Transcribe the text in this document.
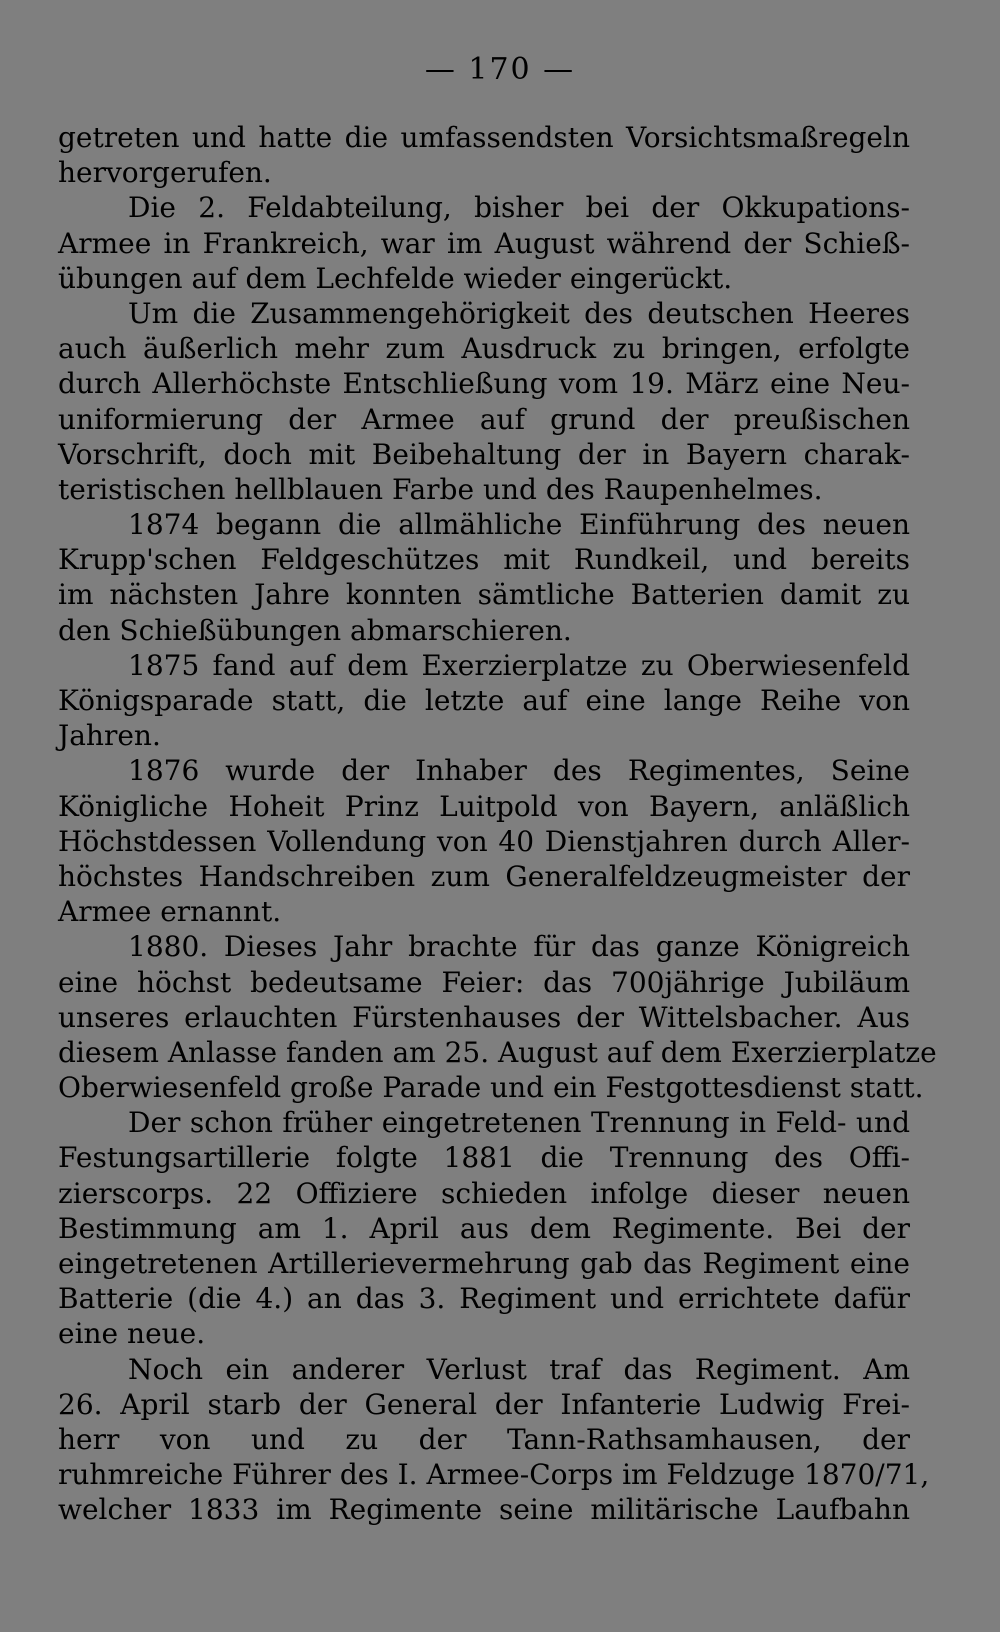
— 170 —
getreten und hatte die umfassendsten Vorsichtsmaßregeln
hervorgerufen.
Die 2. Feldabteilung, bisher bei der Okkupations-
Armee in Frankreich, war im August während der Schieß-
übungen auf dem Lechfelde wieder eingerückt.
Um die Zusammengehörigkeit des deutschen Heeres
auch äußerlich mehr zum Ausdruck zu bringen, erfolgte
durch Allerhöchste Entschließung vom 19. März eine Neu-
uniformierung der Armee auf grund der preußischen
Vorschrift, doch mit Beibehaltung der in Bayern charak-
teristischen hellblauen Farbe und des Raupenhelmes.
1874 begann die allmähliche Einführung des neuen
Krupp'schen Feldgeschützes mit Rundkeil, und bereits
im nächsten Jahre konnten sämtliche Batterien damit zu
den Schießübungen abmarschieren.
1875 fand auf dem Exerzierplatze zu Oberwiesenfeld
Königsparade statt, die letzte auf eine lange Reihe von
Jahren.
1876 wurde der Inhaber des Regimentes, Seine
Königliche Hoheit Prinz Luitpold von Bayern, anläßlich
Höchstdessen Vollendung von 40 Dienstjahren durch Aller-
höchstes Handschreiben zum Generalfeldzeugmeister der
Armee ernannt.
1880. Dieses Jahr brachte für das ganze Königreich
eine höchst bedeutsame Feier: das 700jährige Jubiläum
unseres erlauchten Fürstenhauses der Wittelsbacher. Aus
diesem Anlasse fanden am 25. August auf dem Exerzierplatze
Oberwiesenfeld große Parade und ein Festgottesdienst statt.
Der schon früher eingetretenen Trennung in Feld- und
Festungsartillerie folgte 1881 die Trennung des Offi-
zierscorps. 22 Offiziere schieden infolge dieser neuen
Bestimmung am 1. April aus dem Regimente. Bei der
eingetretenen Artillerievermehrung gab das Regiment eine
Batterie (die 4.) an das 3. Regiment und errichtete dafür
eine neue.
Noch ein anderer Verlust traf das Regiment. Am
26. April starb der General der Infanterie Ludwig Frei-
herr von und zu der Tann-Rathsamhausen, der
ruhmreiche Führer des I. Armee-Corps im Feldzuge 1870/71,
welcher 1833 im Regimente seine militärische Laufbahn
